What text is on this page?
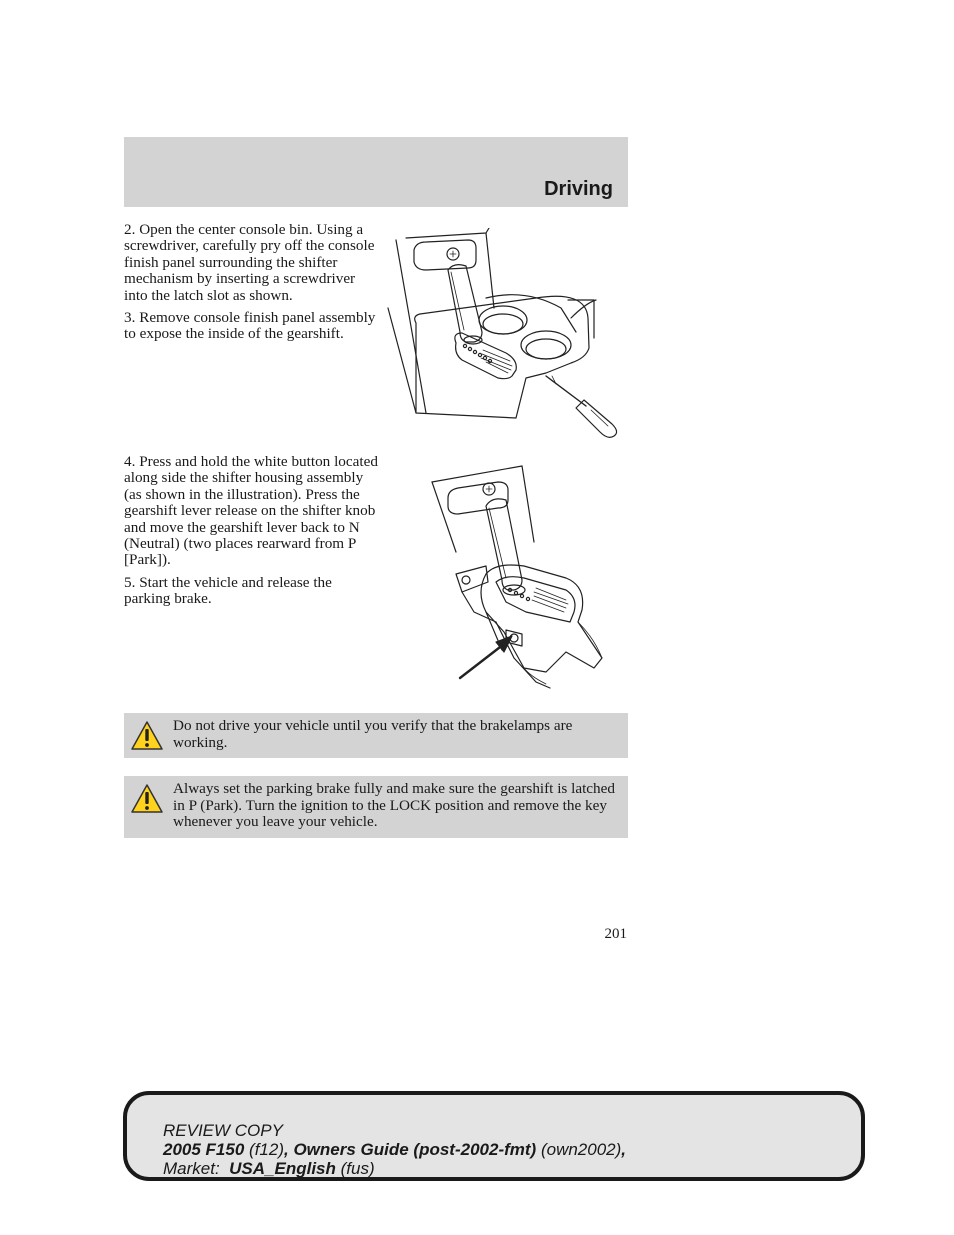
Driving

2. Open the center console bin. Using a screwdriver, carefully pry off the console finish panel surrounding the shifter mechanism by inserting a screwdriver into the latch slot as shown.

3. Remove console finish panel assembly to expose the inside of the gearshift.

4. Press and hold the white button located along side the shifter housing assembly (as shown in the illustration). Press the gearshift lever release on the shifter knob and move the gearshift lever back to N (Neutral) (two places rearward from P [Park]).

5. Start the vehicle and release the parking brake.

Do not drive your vehicle until you verify that the brakelamps are working.
Always set the parking brake fully and make sure the gearshift is latched in P (Park). Turn the ignition to the LOCK position and remove the key whenever you leave your vehicle.
201
REVIEW COPY
2005 F150 (f12), Owners Guide (post-2002-fmt) (own2002),
Market: USA_English (fus)
